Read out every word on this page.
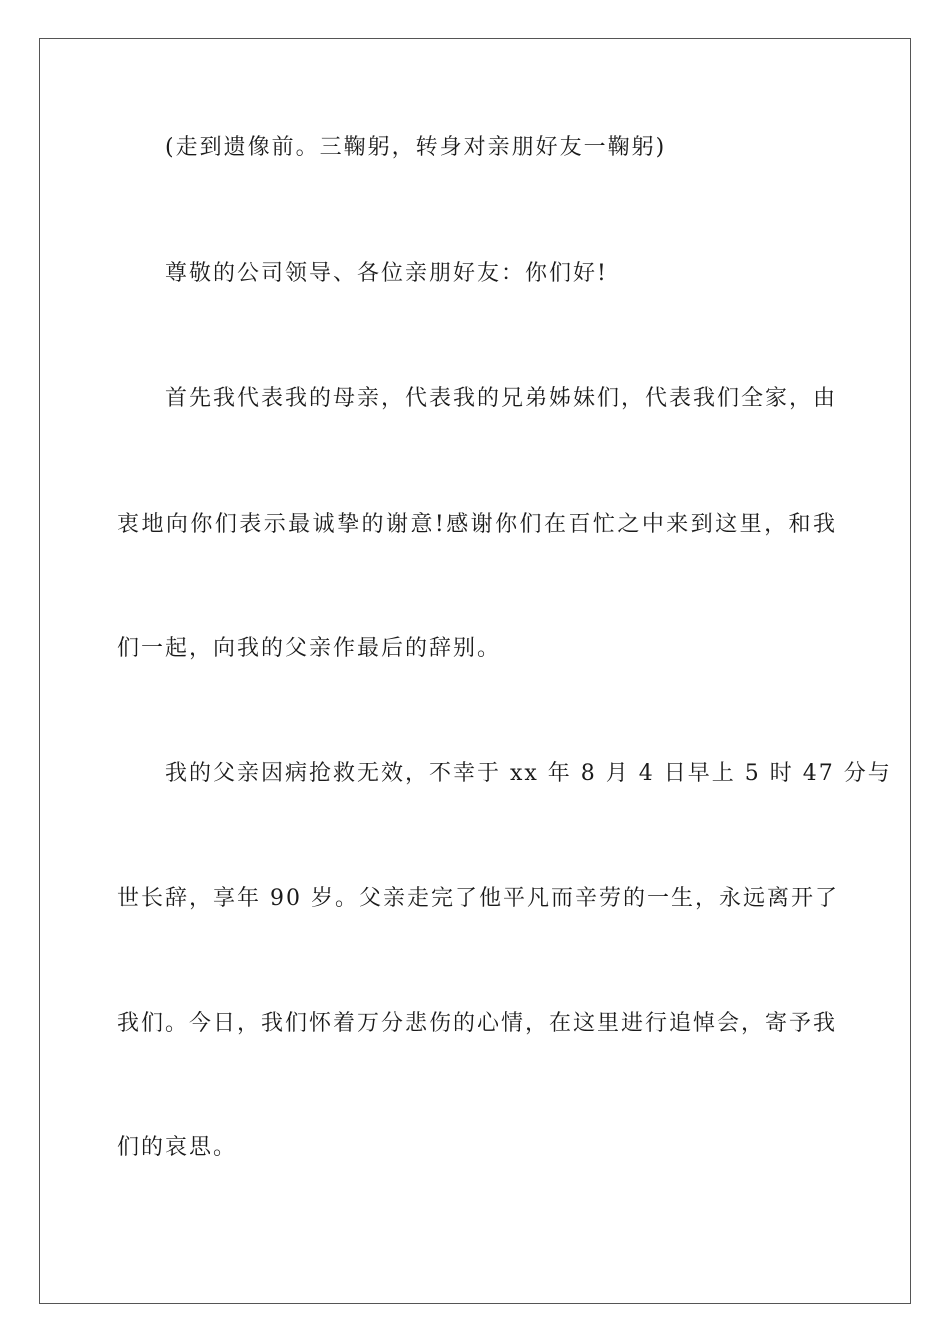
(走到遗像前。三鞠躬，转身对亲朋好友一鞠躬)
尊敬的公司领导、各位亲朋好友：你们好!
首先我代表我的母亲，代表我的兄弟姊妹们，代表我们全家，由
衷地向你们表示最诚挚的谢意!感谢你们在百忙之中来到这里，和我
们一起，向我的父亲作最后的辞别。
我的父亲因病抢救无效，不幸于 xx 年 8 月 4 日早上 5 时 47 分与
世长辞，享年 90 岁。父亲走完了他平凡而辛劳的一生，永远离开了
我们。今日，我们怀着万分悲伤的心情，在这里进行追悼会，寄予我
们的哀思。
